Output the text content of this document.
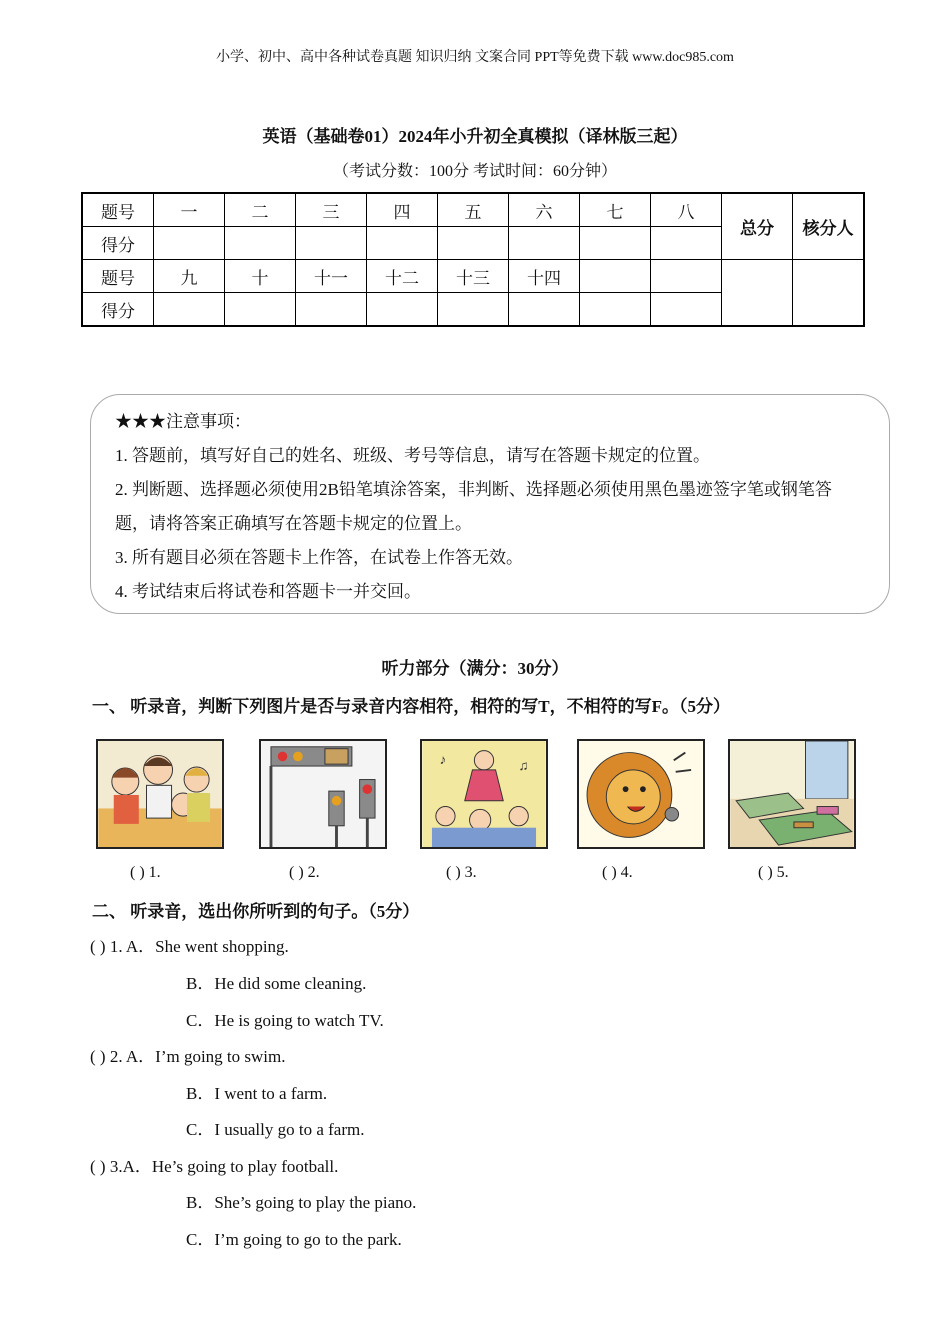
小学、初中、高中各种试卷真题 知识归纳 文案合同 PPT等免费下载 www.doc985.com
英语（基础卷01）2024年小升初全真模拟（译林版三起）
（考试分数：100分 考试时间：60分钟）
题号	一	二	三	四	五	六	七	八	总分	核分人
得分										
题号	九	十	十一	十二	十三	十四				
得分										

★★★注意事项：

1. 答题前，填写好自己的姓名、班级、考号等信息，请写在答题卡规定的位置。

2. 判断题、选择题必须使用2B铅笔填涂答案，非判断、选择题必须使用黑色墨迹签字笔或钢笔答题，请将答案正确填写在答题卡规定的位置上。

3. 所有题目必须在答题卡上作答，在试卷上作答无效。

4. 考试结束后将试卷和答题卡一并交回。

听力部分（满分：30分）
一、 听录音，判断下列图片是否与录音内容相符，相符的写T，不相符的写F。（5分）
♪	♫
( ) 1.	( ) 2.	( ) 3.	( ) 4.	( ) 5.
二、 听录音，选出你所听到的句子。（5分）
( ) 1. A．She went shopping.
B．He did some cleaning.
C．He is going to watch TV.
( ) 2. A．I’m going to swim.
B．I went to a farm.
C．I usually go to a farm.
( ) 3.A．He’s going to play football.
B．She’s going to play the piano.
C．I’m going to go to the park.
